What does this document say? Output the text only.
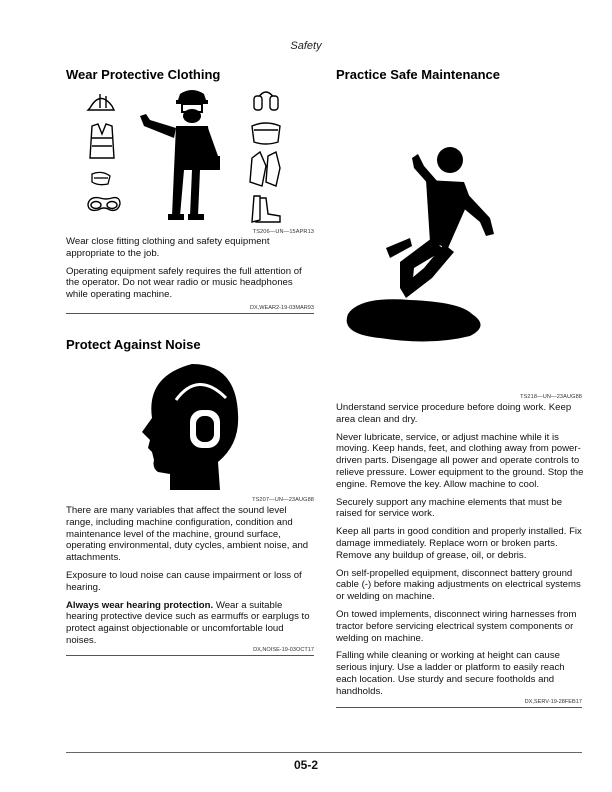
Safety
Wear Protective Clothing
TS206—UN—15APR13

Wear close fitting clothing and safety equipment appropriate to the job.

Operating equipment safely requires the full attention of the operator. Do not wear radio or music headphones while operating machine.

DX,WEAR2-19-03MAR93
Protect Against Noise
TS207—UN—23AUG88

There are many variables that affect the sound level range, including machine configuration, condition and maintenance level of the machine, ground surface, operating environmental, duty cycles, ambient noise, and attachments.

Exposure to loud noise can cause impairment or loss of hearing.

Always wear hearing protection. Wear a suitable hearing protective device such as earmuffs or earplugs to protect against objectionable or uncomfortable loud noises.

DX,NOISE-19-03OCT17
Practice Safe Maintenance
TS218—UN—23AUG88

Understand service procedure before doing work. Keep area clean and dry.

Never lubricate, service, or adjust machine while it is moving. Keep hands, feet, and clothing away from power-driven parts. Disengage all power and operate controls to relieve pressure. Lower equipment to the ground. Stop the engine. Remove the key. Allow machine to cool.

Securely support any machine elements that must be raised for service work.

Keep all parts in good condition and properly installed. Fix damage immediately. Replace worn or broken parts. Remove any buildup of grease, oil, or debris.

On self-propelled equipment, disconnect battery ground cable (-) before making adjustments on electrical systems or welding on machine.

On towed implements, disconnect wiring harnesses from tractor before servicing electrical system components or welding on machine.

Falling while cleaning or working at height can cause serious injury. Use a ladder or platform to easily reach each location. Use sturdy and secure footholds and handholds.

DX,SERV-19-28FEB17
05-2
